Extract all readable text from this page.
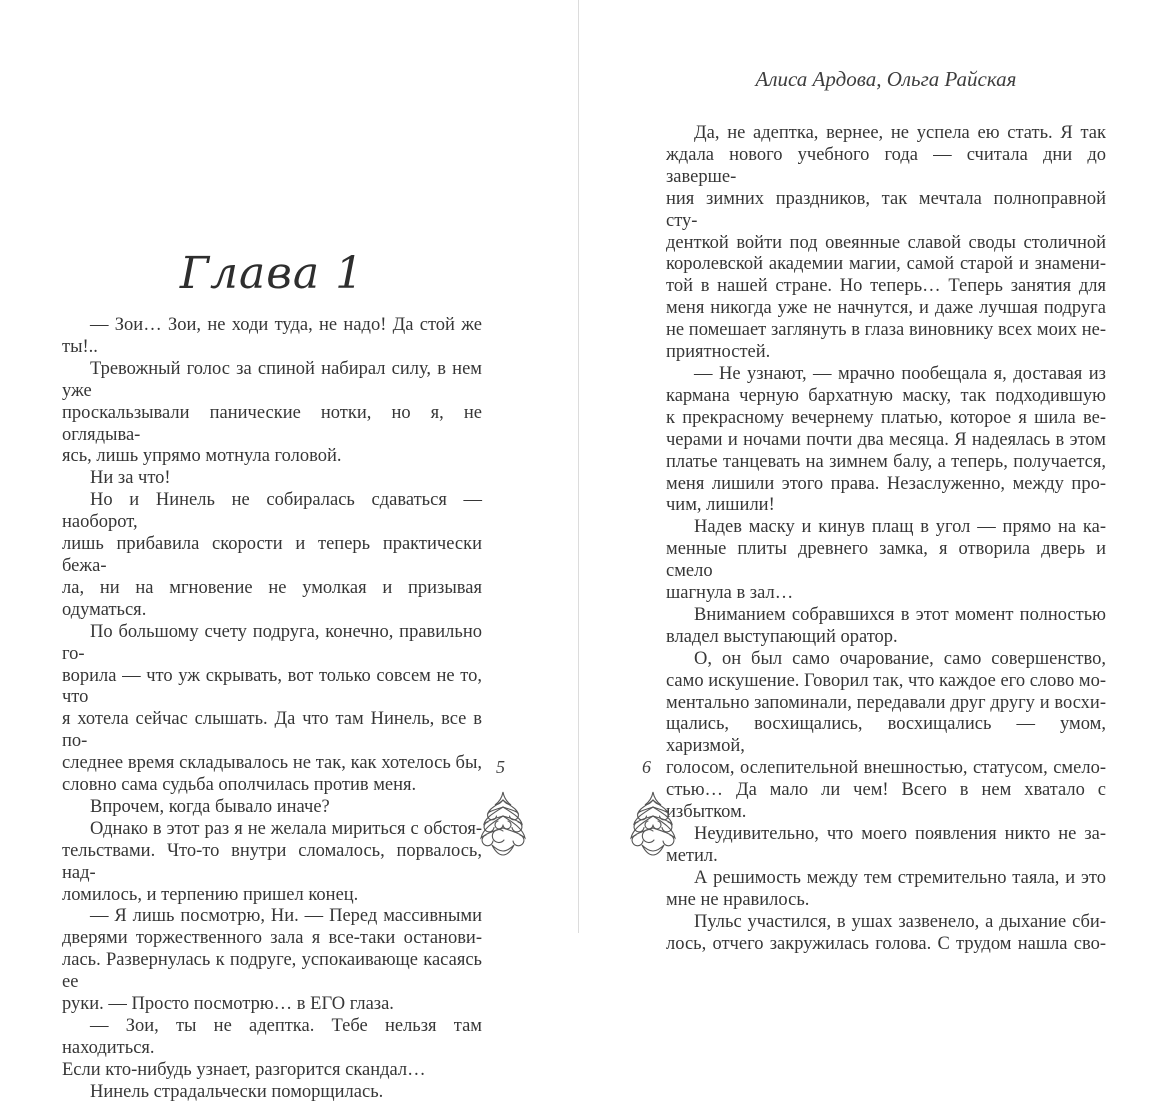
Глава 1

— Зои… Зои, не ходи туда, не надо! Да стой же ты!..

Тревожный голос за спиной набирал силу, в нем уже
проскальзывали панические нотки, но я, не оглядыва-
ясь, лишь упрямо мотнула головой.

Ни за что!

Но и Нинель не собиралась сдаваться — наоборот,
лишь прибавила скорости и теперь практически бежа-
ла, ни на мгновение не умолкая и призывая одуматься.

По большому счету подруга, конечно, правильно го-
ворила — что уж скрывать, вот только совсем не то, что
я хотела сейчас слышать. Да что там Нинель, все в по-
следнее время складывалось не так, как хотелось бы,
словно сама судьба ополчилась против меня.

Впрочем, когда бывало иначе?

Однако в этот раз я не желала мириться с обстоя-
тельствами. Что-то внутри сломалось, порвалось, над-
ломилось, и терпению пришел конец.

— Я лишь посмотрю, Ни. — Перед массивными
дверями торжественного зала я все-таки останови-
лась. Развернулась к подруге, успокаивающе касаясь ее
руки. — Просто посмотрю… в ЕГО глаза.

— Зои, ты не адептка. Тебе нельзя там находиться.
Если кто-нибудь узнает, разгорится скандал…

Нинель страдальчески поморщилась.

5
Алиса Ардова, Ольга Райская

Да, не адептка, вернее, не успела ею стать. Я так
ждала нового учебного года — считала дни до заверше-
ния зимних праздников, так мечтала полноправной сту-
денткой войти под овеянные славой своды столичной
королевской академии магии, самой старой и знамени-
той в нашей стране. Но теперь… Теперь занятия для
меня никогда уже не начнутся, и даже лучшая подруга
не помешает заглянуть в глаза виновнику всех моих не-
приятностей.

— Не узнают, — мрачно пообещала я, доставая из
кармана черную бархатную маску, так подходившую
к прекрасному вечернему платью, которое я шила ве-
черами и ночами почти два месяца. Я надеялась в этом
платье танцевать на зимнем балу, а теперь, получается,
меня лишили этого права. Незаслуженно, между про-
чим, лишили!

Надев маску и кинув плащ в угол — прямо на ка-
менные плиты древнего замка, я отворила дверь и смело
шагнула в зал…

Вниманием собравшихся в этот момент полностью
владел выступающий оратор.

О, он был само очарование, само совершенство,
само искушение. Говорил так, что каждое его слово мо-
ментально запоминали, передавали друг другу и восхи-
щались, восхищались, восхищались — умом, харизмой,
голосом, ослепительной внешностью, статусом, смело-
стью… Да мало ли чем! Всего в нем хватало с избытком.

Неудивительно, что моего появления никто не за-
метил.

А решимость между тем стремительно таяла, и это
мне не нравилось.

Пульс участился, в ушах зазвенело, а дыхание сби-
лось, отчего закружилась голова. С трудом нашла сво-

6
